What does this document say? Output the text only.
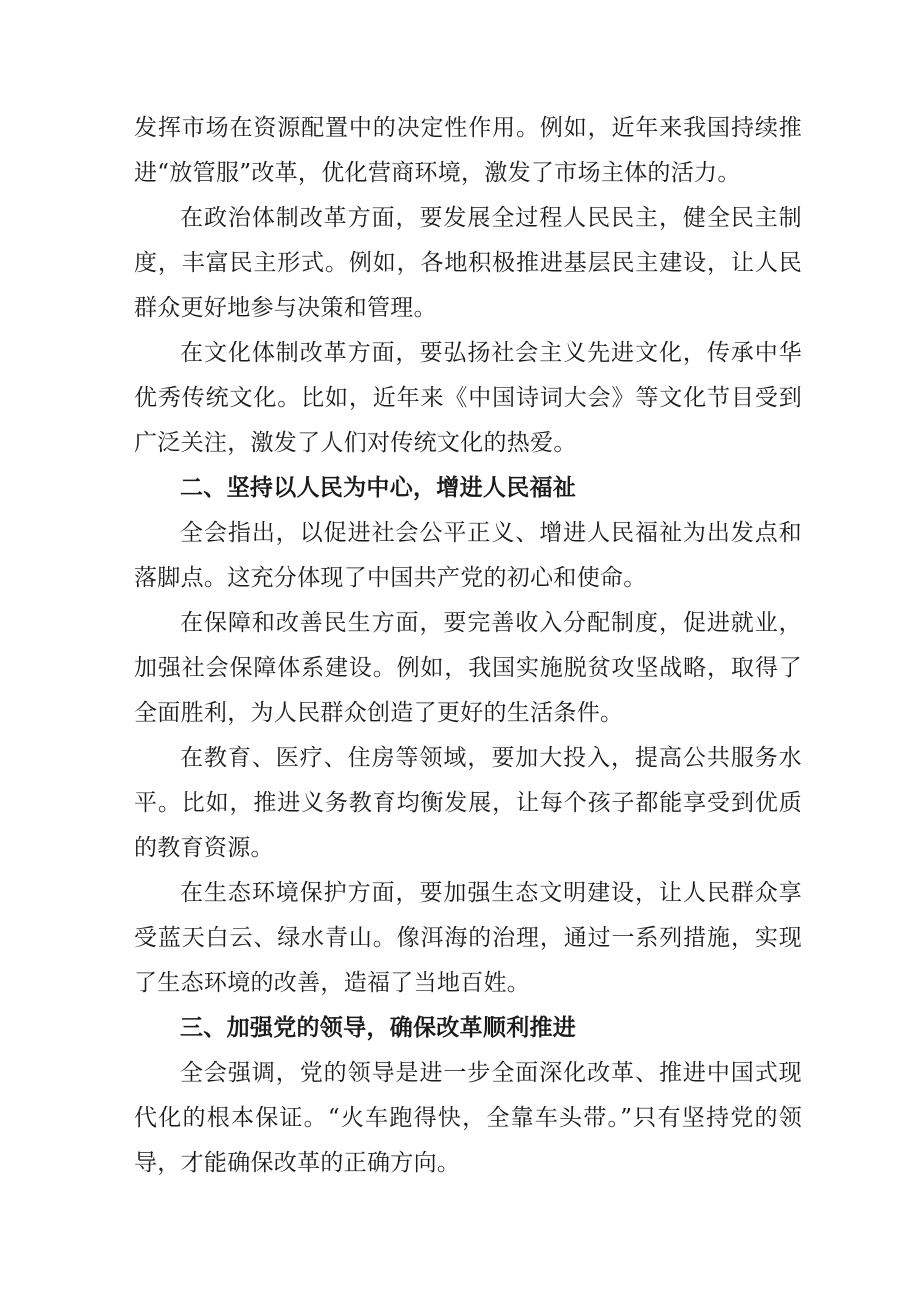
发挥市场在资源配置中的决定性作用。例如，近年来我国持续推进“放管服”改革，优化营商环境，激发了市场主体的活力。

在政治体制改革方面，要发展全过程人民民主，健全民主制度，丰富民主形式。例如，各地积极推进基层民主建设，让人民群众更好地参与决策和管理。

在文化体制改革方面，要弘扬社会主义先进文化，传承中华优秀传统文化。比如，近年来《中国诗词大会》等文化节目受到广泛关注，激发了人们对传统文化的热爱。

二、坚持以人民为中心，增进人民福祉

全会指出，以促进社会公平正义、增进人民福祉为出发点和落脚点。这充分体现了中国共产党的初心和使命。

在保障和改善民生方面，要完善收入分配制度，促进就业，加强社会保障体系建设。例如，我国实施脱贫攻坚战略，取得了全面胜利，为人民群众创造了更好的生活条件。

在教育、医疗、住房等领域，要加大投入，提高公共服务水平。比如，推进义务教育均衡发展，让每个孩子都能享受到优质的教育资源。

在生态环境保护方面，要加强生态文明建设，让人民群众享受蓝天白云、绿水青山。像洱海的治理，通过一系列措施，实现了生态环境的改善，造福了当地百姓。

三、加强党的领导，确保改革顺利推进

全会强调，党的领导是进一步全面深化改革、推进中国式现代化的根本保证。“火车跑得快，全靠车头带。”只有坚持党的领导，才能确保改革的正确方向。
